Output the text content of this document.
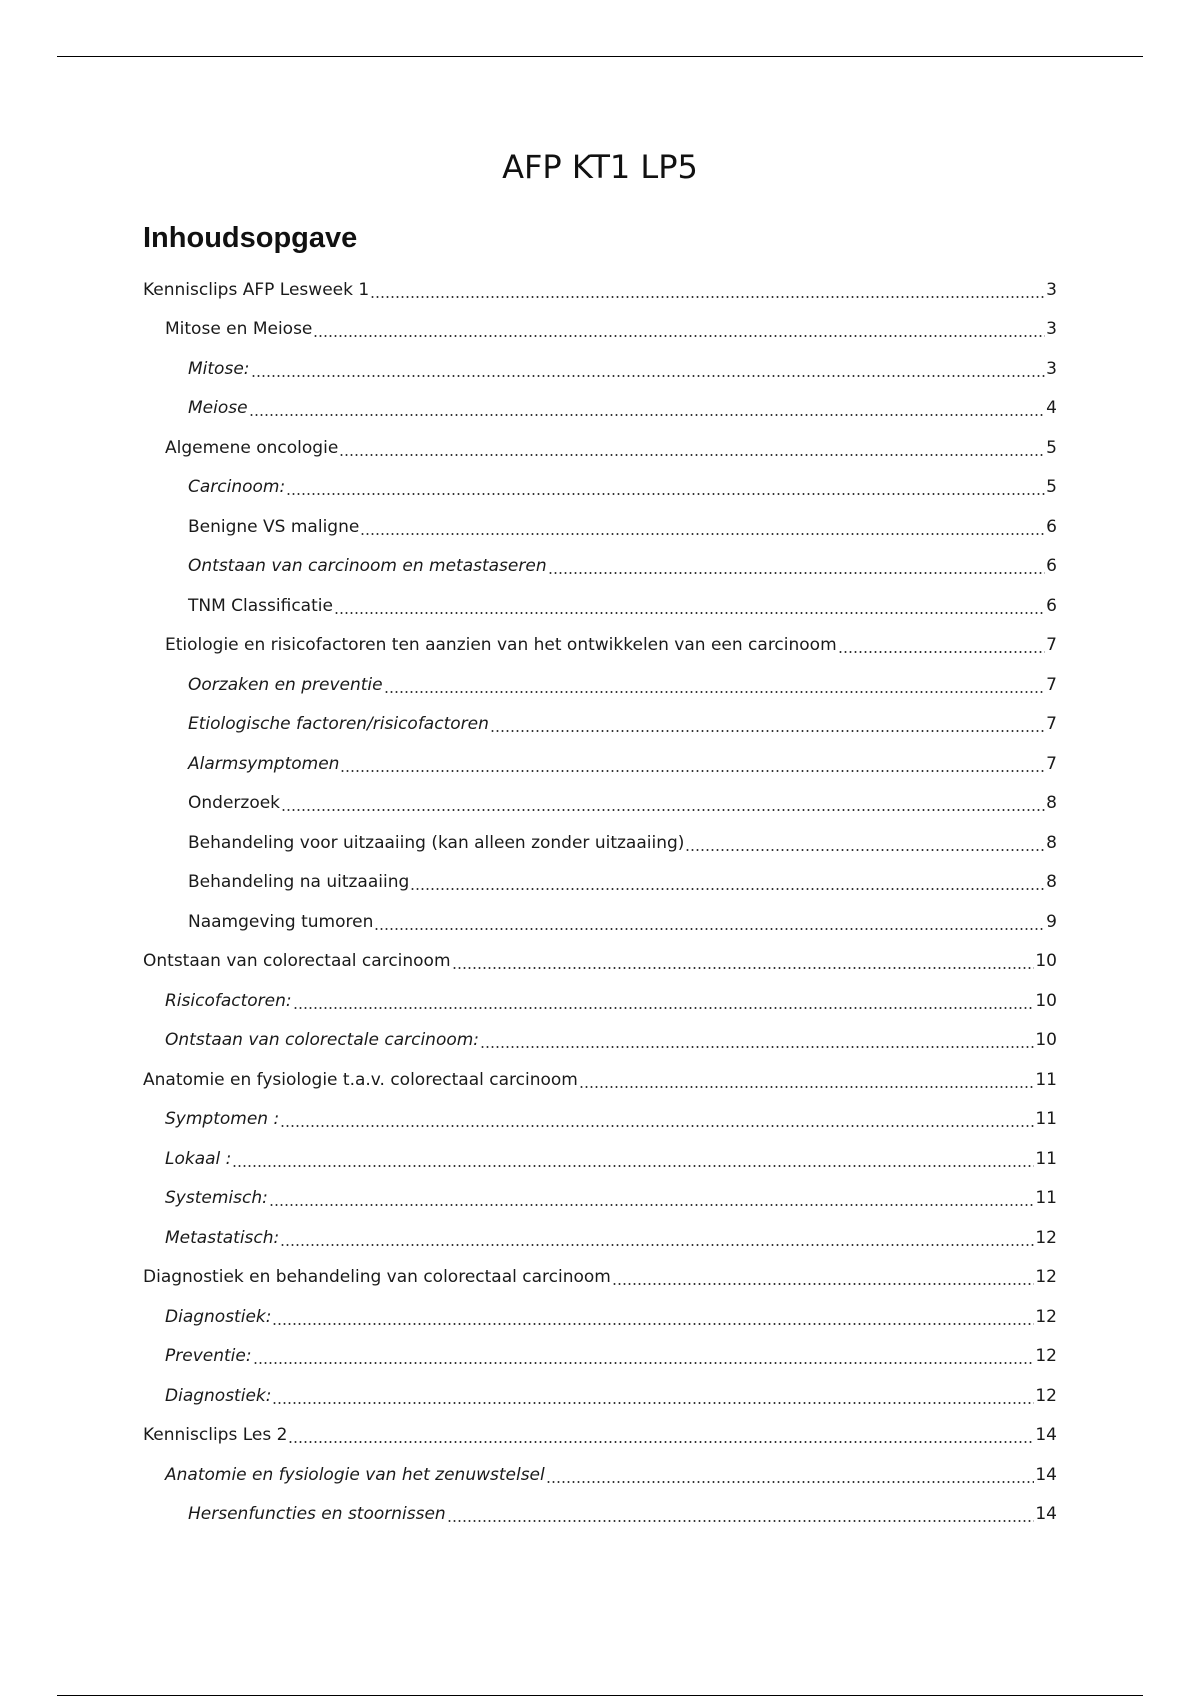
AFP KT1 LP5
Inhoudsopgave
Kennisclips AFP Lesweek 1	3
Mitose en Meiose	3
Mitose:	3
Meiose	4
Algemene oncologie	5
Carcinoom:	5
Benigne VS maligne	6
Ontstaan van carcinoom en metastaseren	6
TNM Classificatie	6
Etiologie en risicofactoren ten aanzien van het ontwikkelen van een carcinoom	7
Oorzaken en preventie	7
Etiologische factoren/risicofactoren	7
Alarmsymptomen	7
Onderzoek	8
Behandeling voor uitzaaiing (kan alleen zonder uitzaaiing)	8
Behandeling na uitzaaiing	8
Naamgeving tumoren	9
Ontstaan van colorectaal carcinoom	10
Risicofactoren:	10
Ontstaan van colorectale carcinoom:	10
Anatomie en fysiologie t.a.v. colorectaal carcinoom	11
Symptomen :	11
Lokaal :	11
Systemisch:	11
Metastatisch:	12
Diagnostiek en behandeling van colorectaal carcinoom	12
Diagnostiek:	12
Preventie:	12
Diagnostiek:	12
Kennisclips Les 2	14
Anatomie en fysiologie van het zenuwstelsel	14
Hersenfuncties en stoornissen	14
